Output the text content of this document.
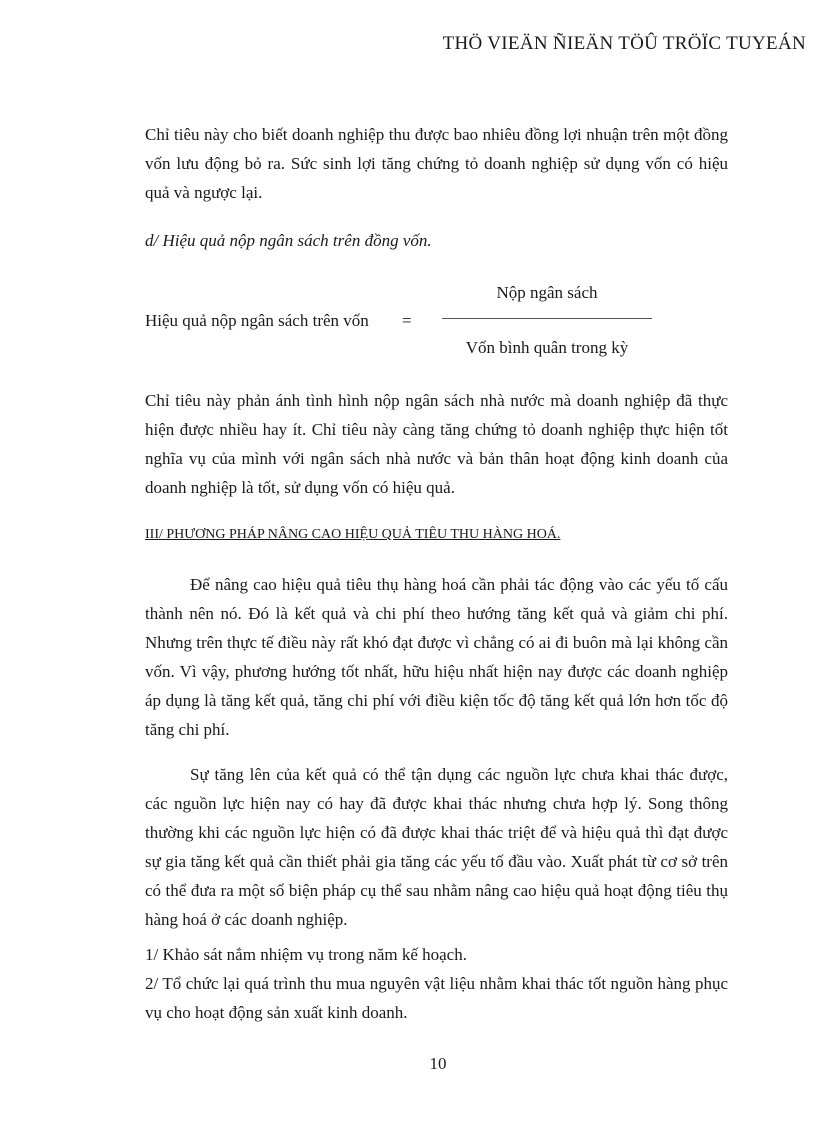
THÖ VIEÄN ÑIEÄN TÖÛ TRÖÏC TUYEÁN

Chỉ tiêu này cho biết doanh nghiệp thu được bao nhiêu đồng lợi nhuận trên một đồng vốn lưu động bỏ ra. Sức sinh lợi tăng chứng tỏ doanh nghiệp sử dụng vốn có hiệu quả và ngược lại.

d/ Hiệu quả nộp ngân sách trên đồng vốn.
Hiệu quả nộp ngân sách trên vốn =
Nộp ngân sách
Vốn bình quân trong kỳ

Chỉ tiêu này phản ánh tình hình nộp ngân sách nhà nước mà doanh nghiệp đã thực hiện được nhiều hay ít. Chỉ tiêu này càng tăng chứng tỏ doanh nghiệp thực hiện tốt nghĩa vụ của mình với ngân sách nhà nước và bản thân hoạt động kinh doanh của doanh nghiệp là tốt, sử dụng vốn có hiệu quả.

III/ PHƯƠNG PHÁP NÂNG CAO HIỆU QUẢ TIÊU THU HÀNG HOÁ.

Để nâng cao hiệu quả tiêu thụ hàng hoá cần phải tác động vào các yếu tố cấu thành nên nó. Đó là kết quả và chi phí theo hướng tăng kết quả và giảm chi phí. Nhưng trên thực tế điều này rất khó đạt được vì chẳng có ai đi buôn mà lại không cần vốn. Vì vậy, phương hướng tốt nhất, hữu hiệu nhất hiện nay được các doanh nghiệp áp dụng là tăng kết quả, tăng chi phí với điều kiện tốc độ tăng kết quả lớn hơn tốc độ tăng chi phí.

Sự tăng lên của kết quả có thể tận dụng các nguồn lực chưa khai thác được, các nguồn lực hiện nay có hay đã được khai thác nhưng chưa hợp lý. Song thông thường khi các nguồn lực hiện có đã được khai thác triệt để và hiệu quả thì đạt được sự gia tăng kết quả cần thiết phải gia tăng các yếu tố đầu vào. Xuất phát từ cơ sở trên có thể đưa ra một số biện pháp cụ thể sau nhằm nâng cao hiệu quả hoạt động tiêu thụ hàng hoá ở các doanh nghiệp.

1/ Khảo sát nắm nhiệm vụ trong năm kế hoạch.

2/ Tổ chức lại quá trình thu mua nguyên vật liệu nhằm khai thác tốt nguồn hàng phục vụ cho hoạt động sản xuất kinh doanh.

10
